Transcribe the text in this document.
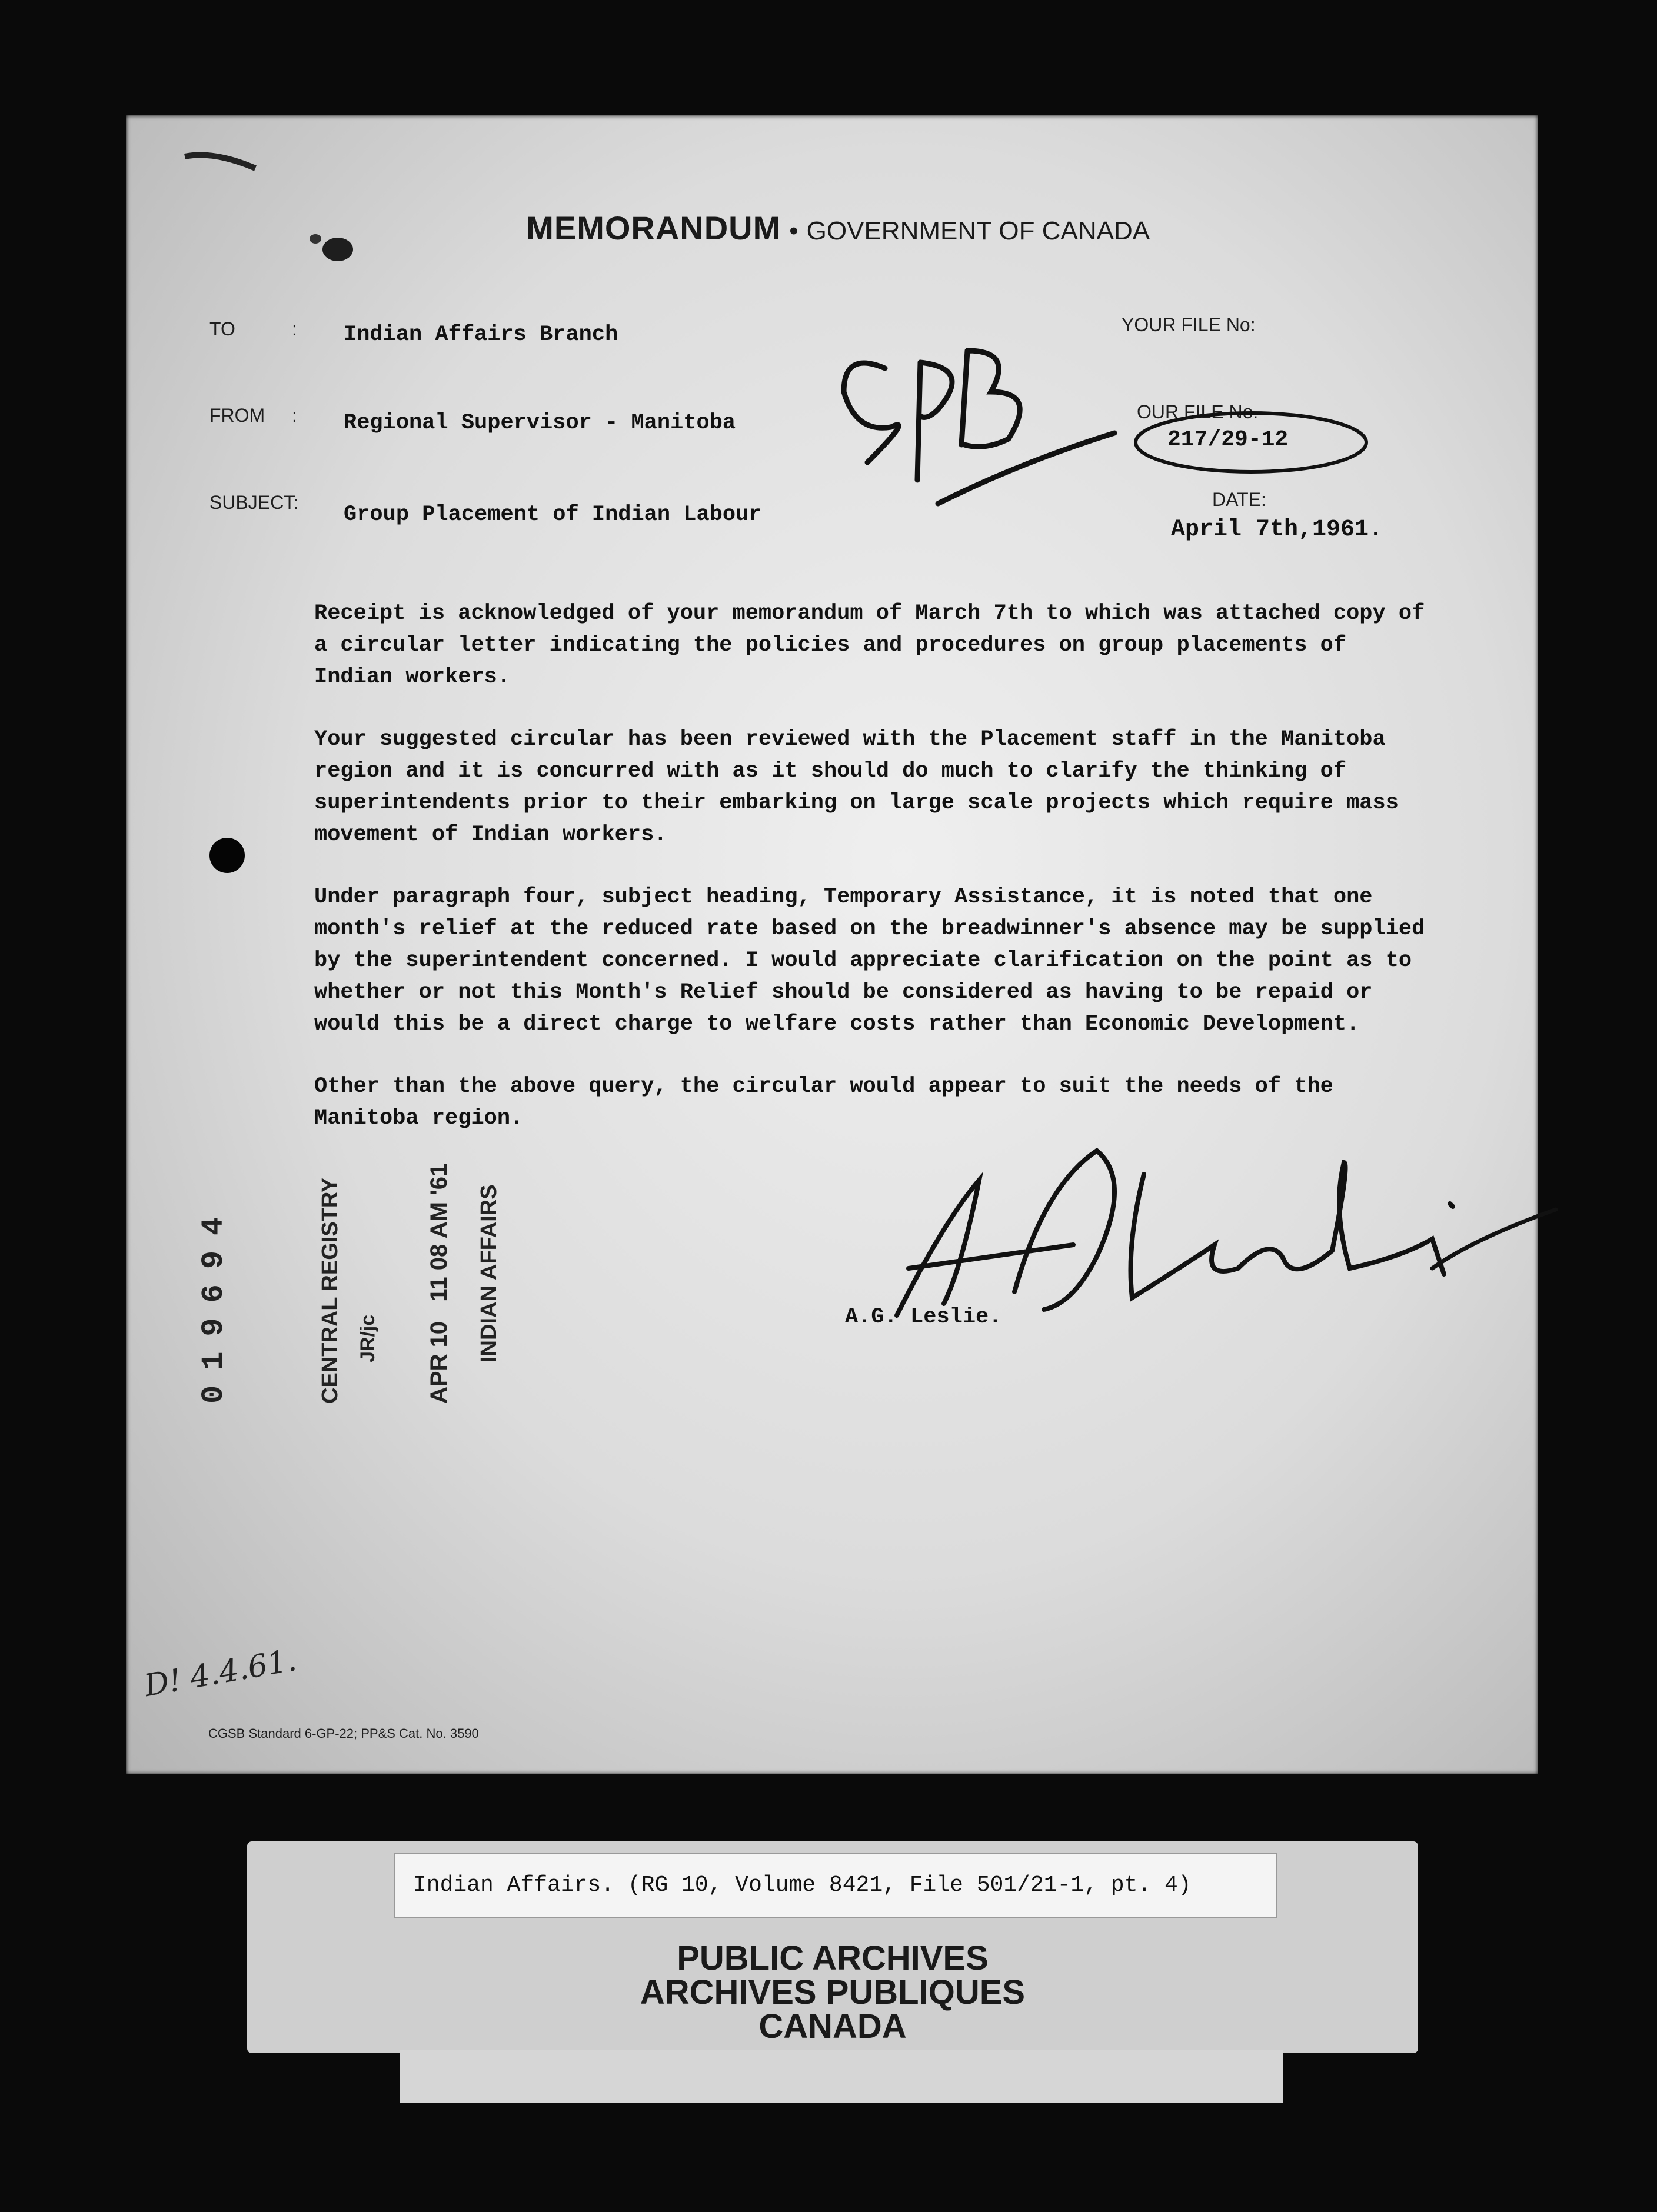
MEMORANDUM • GOVERNMENT OF CANADA

TO	: Indian Affairs Branch
FROM : Regional Supervisor - Manitoba
SUBJECT: Group Placement of Indian Labour
YOUR FILE No:
OUR FILE No.
217/29-12
DATE:
April 7th,1961.

Receipt is acknowledged of your memorandum of March 7th to which was attached copy of a circular letter indicating the policies and procedures on group placements of Indian workers.

Your suggested circular has been reviewed with the Placement staff in the Manitoba region and it is concurred with as it should do much to clarify the thinking of superintendents prior to their embarking on large scale projects which require mass movement of Indian workers.

Under paragraph four, subject heading, Temporary Assistance, it is noted that one month's relief at the reduced rate based on the breadwinner's absence may be supplied by the superintendent concerned. I would appreciate clarification on the point as to whether or not this Month's Relief should be considered as having to be repaid or would this be a direct charge to welfare costs rather than Economic Development.

Other than the above query, the circular would appear to suit the needs of the Manitoba region.

A.G. Leslie.
019694	CENTRAL REGISTRY JR/jc APR 10   11 08 AM '61 INDIAN AFFAIRS
D! 4.4.61.
CGSB Standard 6-GP-22; PP&S Cat. No. 3590
Indian Affairs. (RG 10, Volume 8421, File 501/21-1, pt. 4)
PUBLIC ARCHIVES
ARCHIVES PUBLIQUES
CANADA
